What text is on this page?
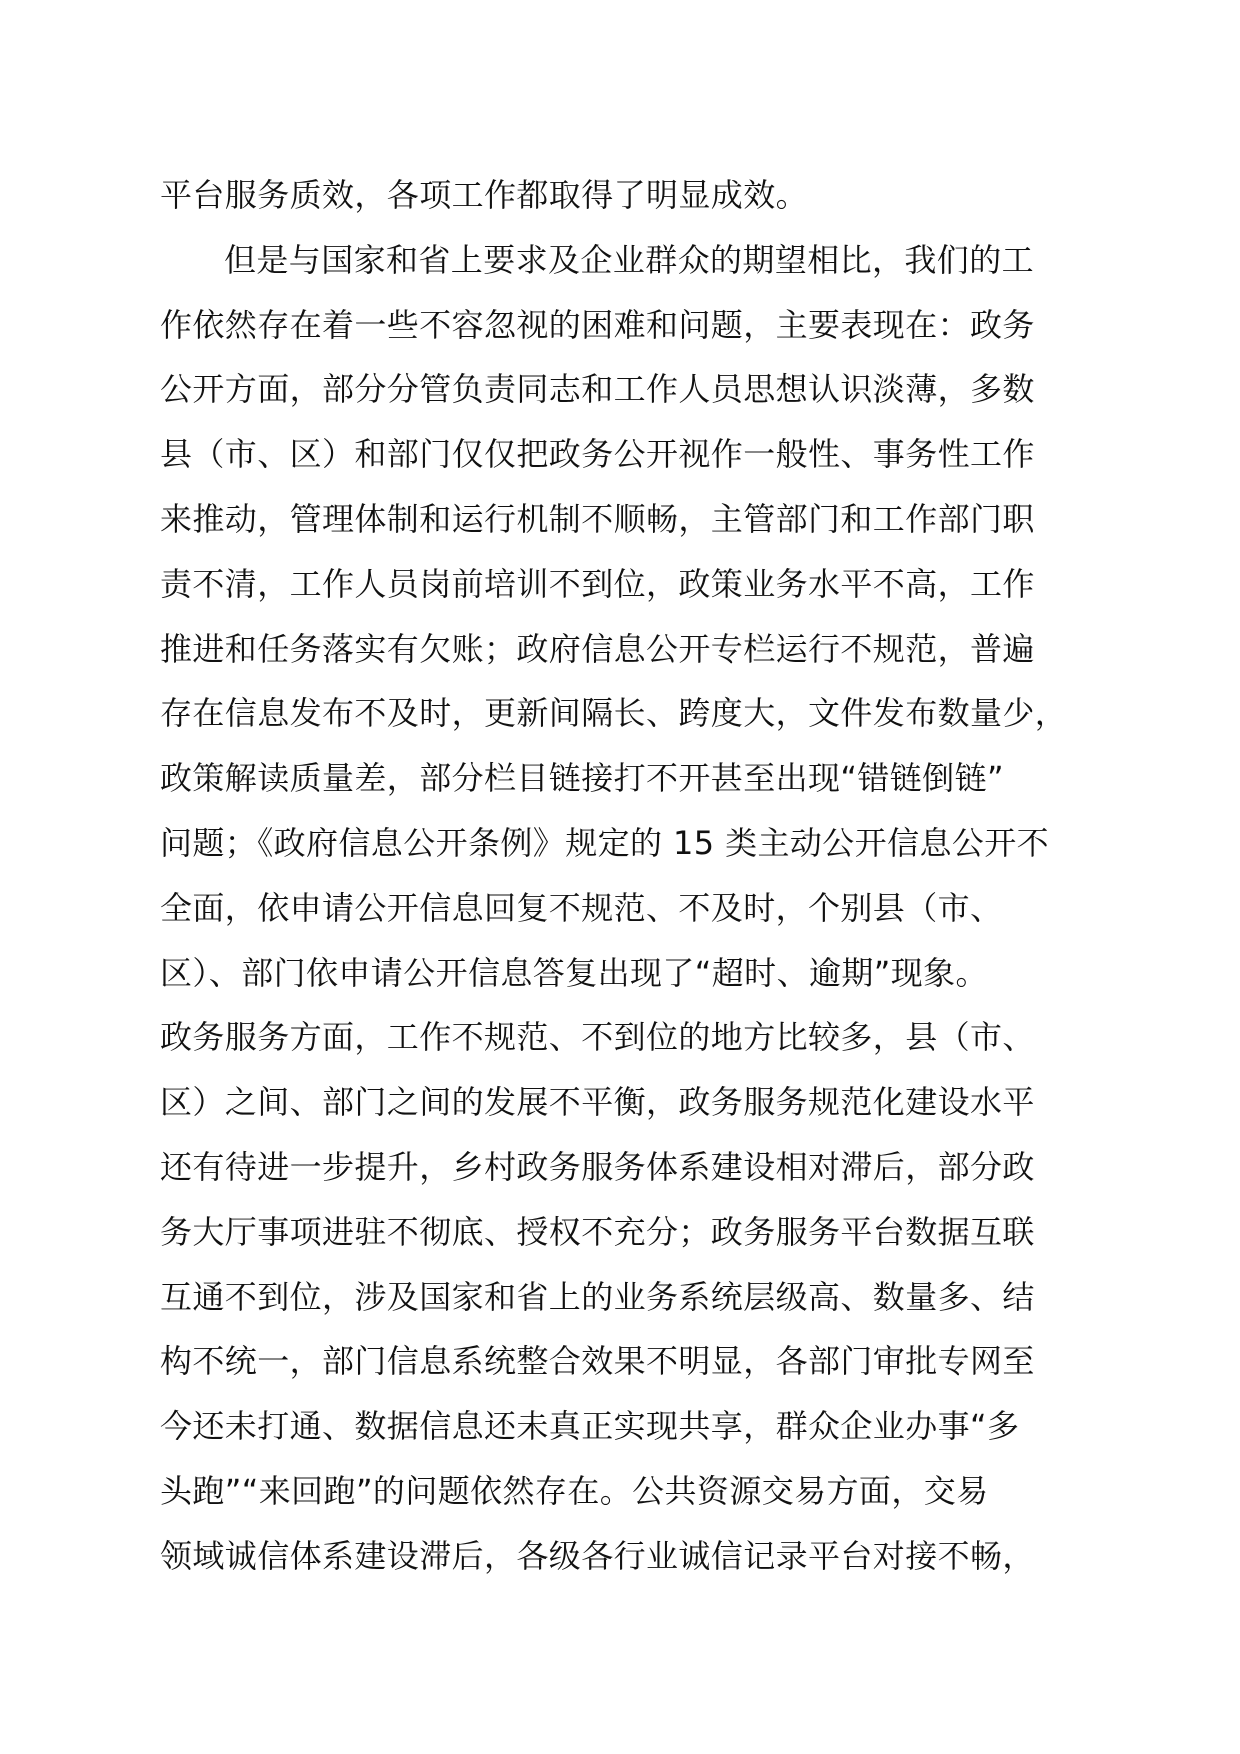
平台服务质效，各项工作都取得了明显成效。
但是与国家和省上要求及企业群众的期望相比，我们的工
作依然存在着一些不容忽视的困难和问题，主要表现在：政务
公开方面，部分分管负责同志和工作人员思想认识淡薄，多数
县（市、区）和部门仅仅把政务公开视作一般性、事务性工作
来推动，管理体制和运行机制不顺畅，主管部门和工作部门职
责不清，工作人员岗前培训不到位，政策业务水平不高，工作
推进和任务落实有欠账；政府信息公开专栏运行不规范，普遍
存在信息发布不及时，更新间隔长、跨度大，文件发布数量少，
政策解读质量差，部分栏目链接打不开甚至出现“错链倒链”
问题；《政府信息公开条例》规定的 15 类主动公开信息公开不
全面，依申请公开信息回复不规范、不及时，个别县（市、
区）、部门依申请公开信息答复出现了“超时、逾期”现象。
政务服务方面，工作不规范、不到位的地方比较多，县（市、
区）之间、部门之间的发展不平衡，政务服务规范化建设水平
还有待进一步提升，乡村政务服务体系建设相对滞后，部分政
务大厅事项进驻不彻底、授权不充分；政务服务平台数据互联
互通不到位，涉及国家和省上的业务系统层级高、数量多、结
构不统一，部门信息系统整合效果不明显，各部门审批专网至
今还未打通、数据信息还未真正实现共享，群众企业办事“多
头跑”“来回跑”的问题依然存在。公共资源交易方面，交易
领域诚信体系建设滞后，各级各行业诚信记录平台对接不畅，
